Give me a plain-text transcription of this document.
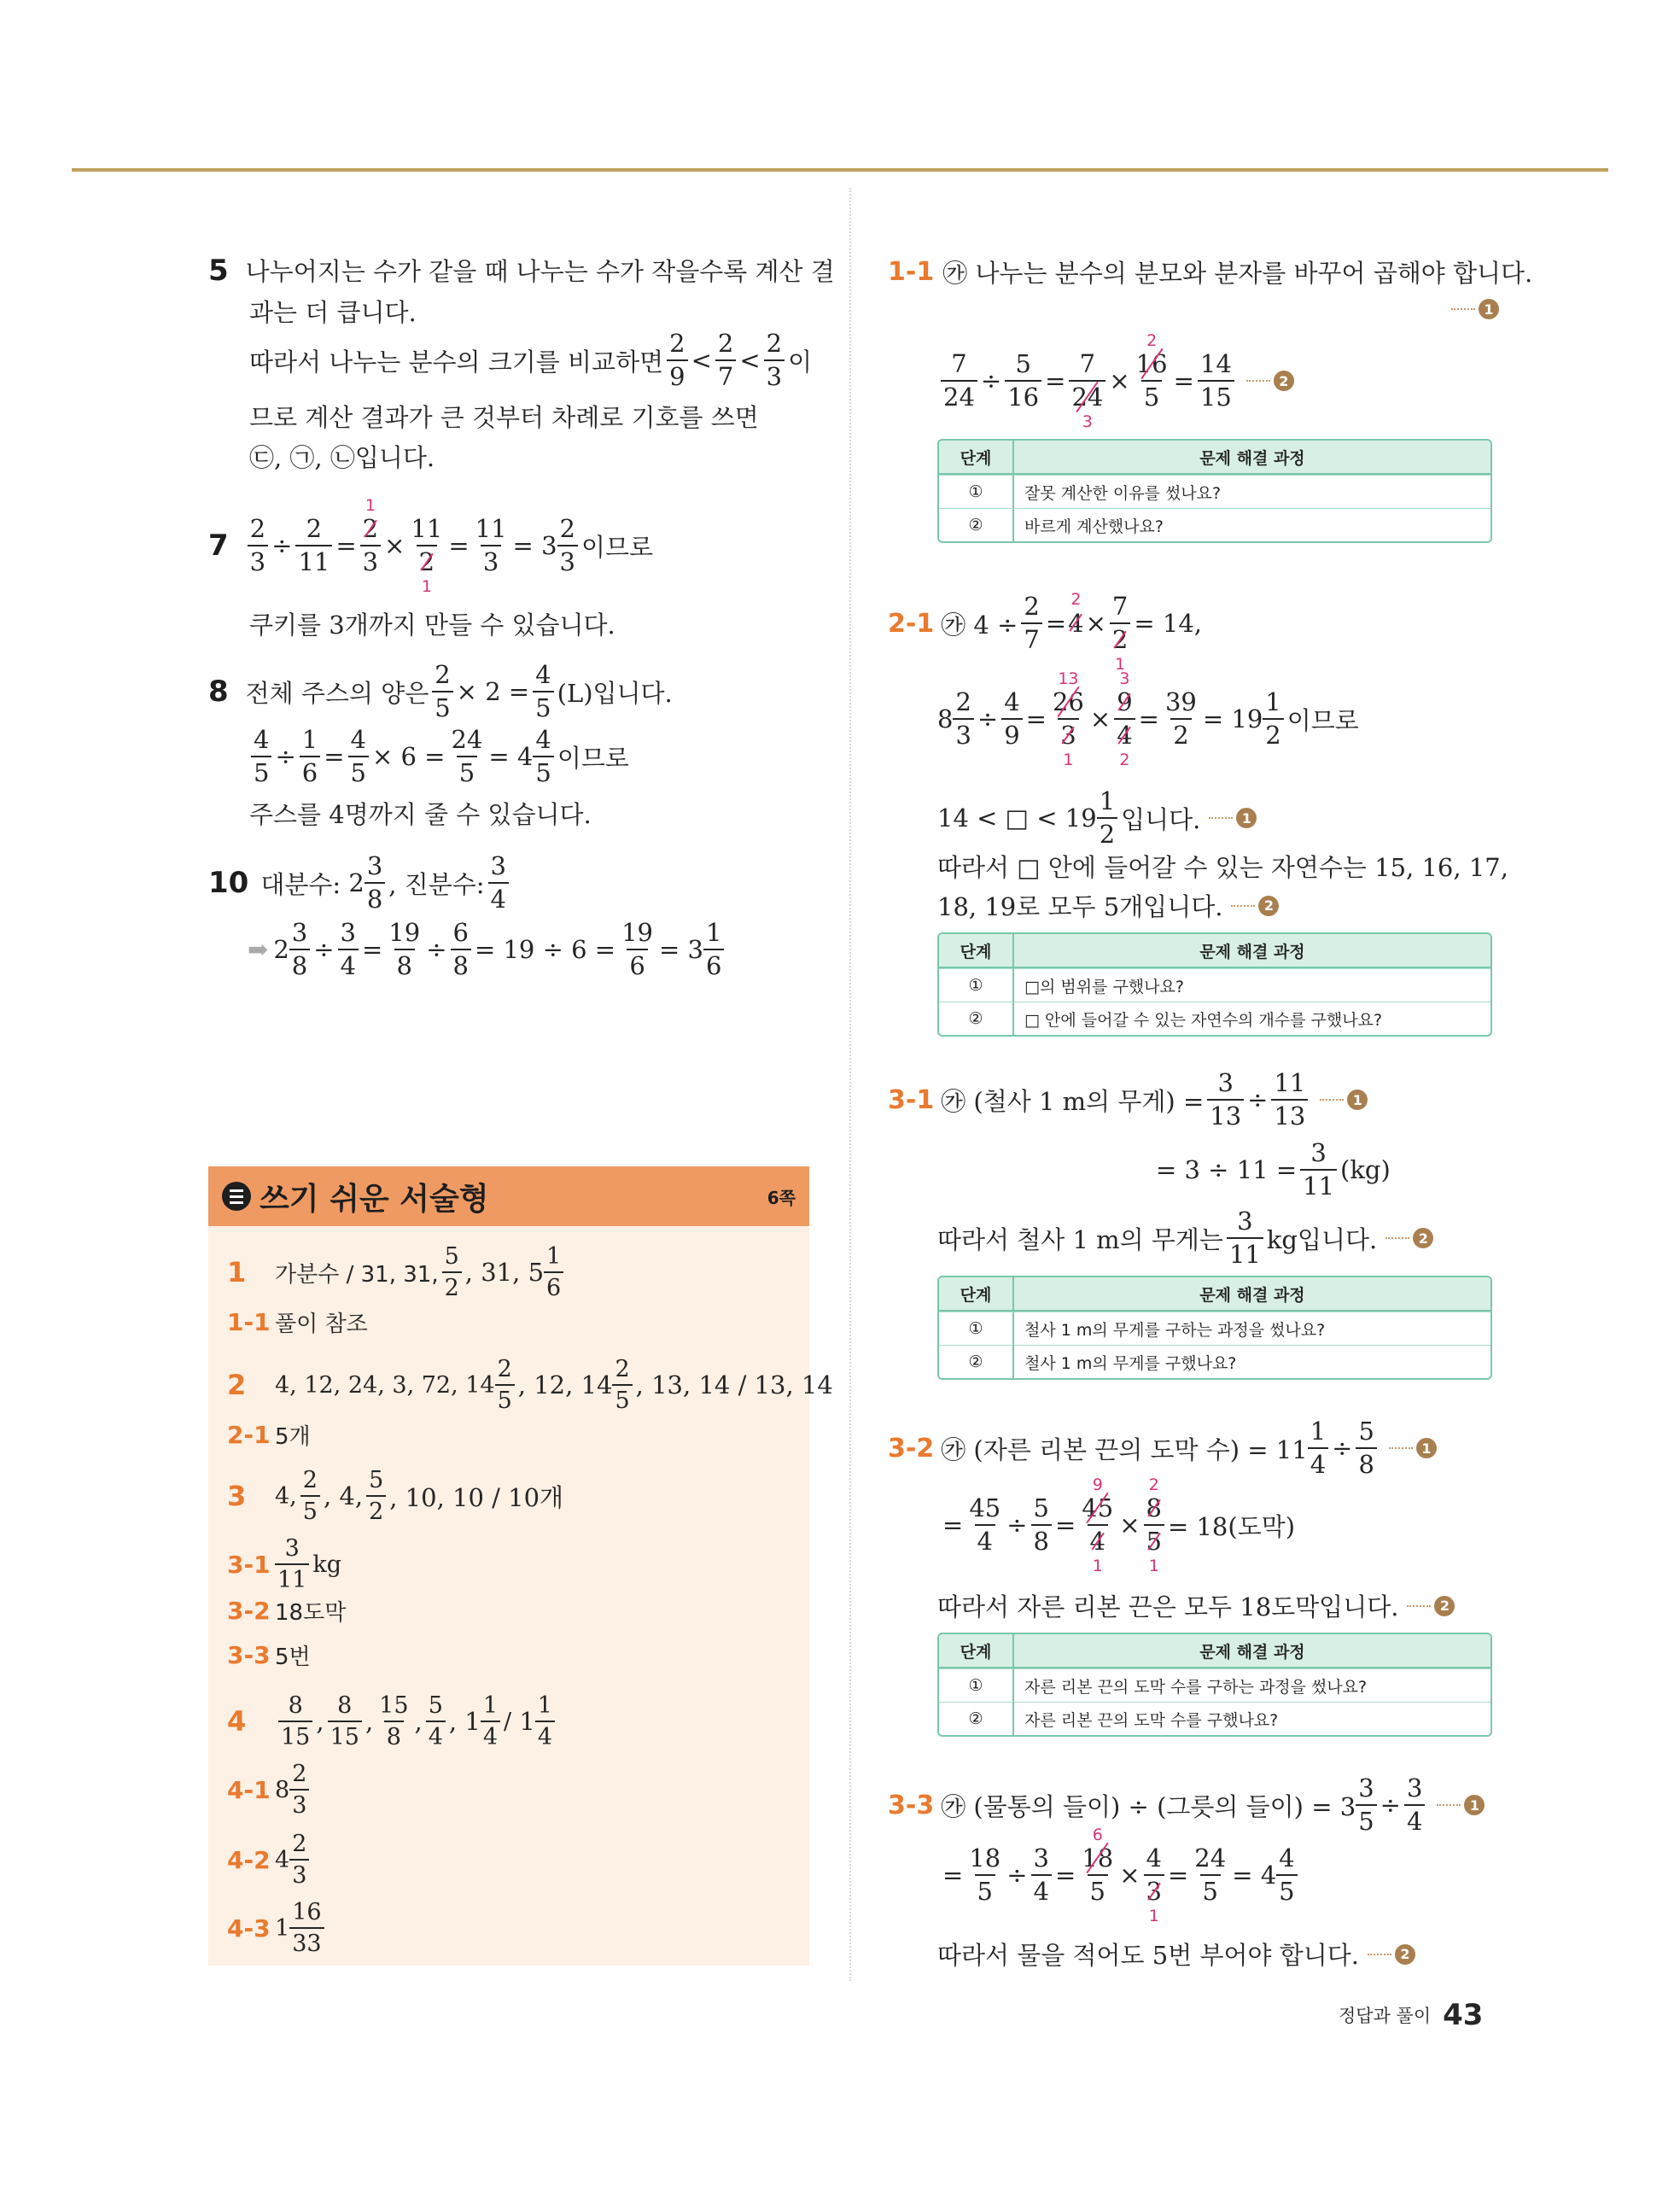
5 나누어지는 수가 같을 때 나누는 수가 작을수록 계산 결
과는 더 큽니다.
따라서 나누는 분수의 크기를 비교하면 $\frac{2}{9} < \frac{2}{7} < \frac{2}{3}$ 이
므로 계산 결과가 큰 것부터 차례로 기호를 쓰면
㉢, ㉠, ㉡입니다.
$7 \frac{2}{3} \div \frac{2}{11} = 2$
1
3 × 11
2
$1 = \frac{11}{3} = 3 \frac{2}{3}$ 이므로
쿠키를 3개까지 만들 수 있습니다.
8 전체 주스의 양은 $\frac{2}{5} \times 2 = \frac{4}{5} (L)$입니다.
$\frac{4}{5} \div \frac{1}{6} = \frac{4}{5} \times 6 = \frac{24}{5} = 4 \frac{4}{5}$ 이므로
주스를 4명까지 줄 수 있습니다.
10 대분수: $2 \frac{3}{8}$ , 진분수: $\frac{3}{4}$
➡ $2 \frac{3}{8} \div \frac{3}{4} = \frac{19}{8} \div \frac{6}{8} = 19 \div 6 = \frac{19}{6} = 3 \frac{1}{6}$
쓰기 쉬운 서술형	6쪽
1	가분수 / 31, 31, $\frac{5}{2}$ , 31, $5 \frac{1}{6}$
1-1 풀이 참조
2	4, 12, 24, 3, 72, $14 \frac{2}{5}$ , 12, $14 \frac{2}{5}$ , 13, 14 / 13, 14
2-1 5개
3	4, $\frac{2}{5}$ , 4, $\frac{5}{2}$ , 10, 10 / 10개
$3-1 \frac{3}{11}$ kg
3-2 18도막
3-3 5번
4	$\frac{8}{15}$ , $\frac{8}{15}$ , $\frac{15}{8}$ , $\frac{5}{4}$ , $1 \frac{1}{4} / 1 \frac{1}{4}$
4-1 $8 \frac{2}{3}$
4-2 $4 \frac{2}{3}$
4-3 $1 \frac{16}{33}$
1-1 ㉮ 나누는 분수의 분모와 분자를 바꾸어 곱해야 합니다.
1
$\frac{7}{24} \div \frac{5}{16} = 7$
24
3 × 16
2
$5 = \frac{14}{15}$	2
단계	문제 해결 과정
①	잘못 계산한 이유를 썼나요?
②	바르게 계산했나요?
2-1 ㉮ $4 \div \frac{2}{7} = 4$
2
× 7
2
1 = 14,
$8 \frac{2}{3} \div \frac{4}{9} = 26$
13
3
1 × 9
3
4
$2 = \frac{39}{2} = 19 \frac{1}{2}$ 이므로
14 < □ < $19 \frac{1}{2}$ 입니다.	1
따라서 □ 안에 들어갈 수 있는 자연수는 15, 16, 17,
18, 19로 모두 5개입니다.	2
단계	문제 해결 과정
①	□의 범위를 구했나요?
②	□ 안에 들어갈 수 있는 자연수의 개수를 구했나요?
3-1 ㉮ (철사 1 m의 무게) = $\frac{3}{13} \div \frac{11}{13}$	1
= $3 \div 11 = \frac{3}{11} (kg)$
따라서 철사 1 m의 무게는 $\frac{3}{11}$ kg입니다.	2
단계	문제 해결 과정
①	철사 1 m의 무게를 구하는 과정을 썼나요?
②	철사 1 m의 무게를 구했나요?
3-2 ㉮ (자른 리본 끈의 도막 수) = $11 \frac{1}{4} \div \frac{5}{8}$	1
= $\frac{45}{4} \div \frac{5}{8} = 45$
9
4
1 × 8
2
5
1 = 18(도막)
따라서 자른 리본 끈은 모두 18도막입니다.	2
단계	문제 해결 과정
①	자른 리본 끈의 도막 수를 구하는 과정을 썼나요?
②	자른 리본 끈의 도막 수를 구했나요?
3-3 ㉮ (물통의 들이) ÷ (그릇의 들이) = $3 \frac{3}{5} \div \frac{3}{4}$	1
= $\frac{18}{5} \div \frac{3}{4} = 18$
6
5 × 4
3
$1 = \frac{24}{5} = 4 \frac{4}{5}$
따라서 물을 적어도 5번 부어야 합니다.	2
정답과 풀이 43
